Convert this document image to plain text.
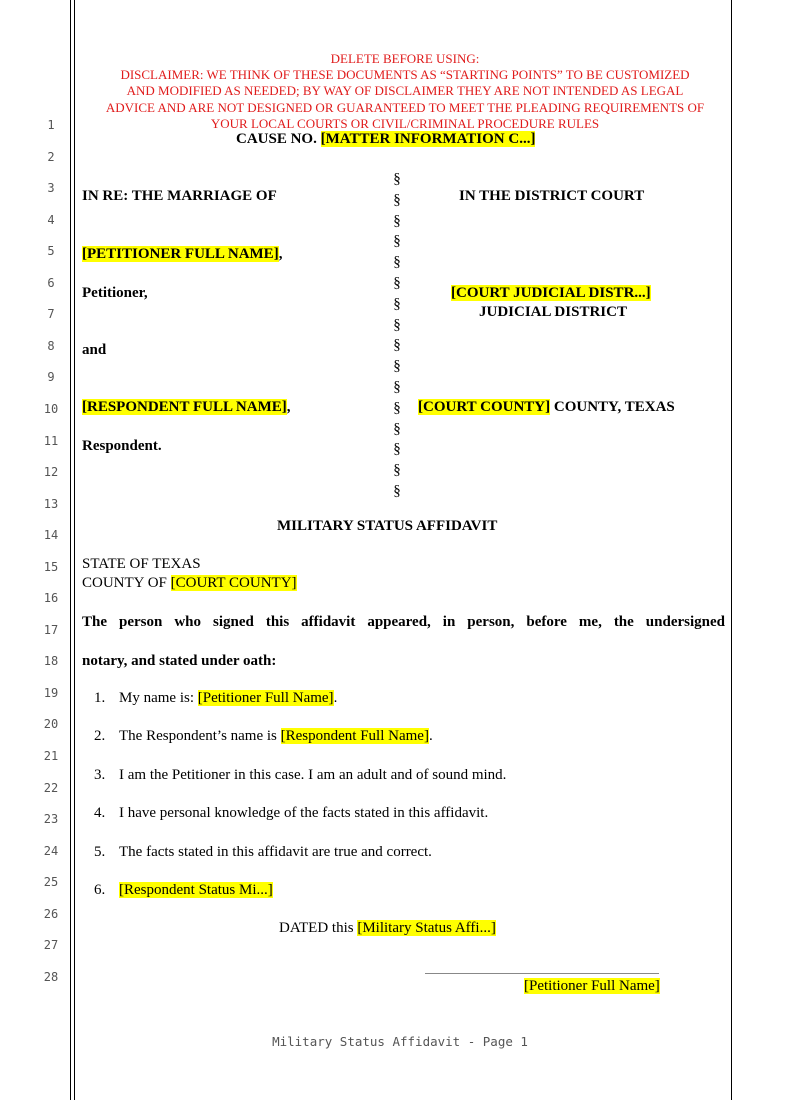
1
2
3
4
5
6
7
8
9
10
11
12
13
14
15
16
17
18
19
20
21
22
23
24
25
26
27
28
DELETE BEFORE USING:
DISCLAIMER: WE THINK OF THESE DOCUMENTS AS “STARTING POINTS” TO BE CUSTOMIZED
AND MODIFIED AS NEEDED; BY WAY OF DISCLAIMER THEY ARE NOT INTENDED AS LEGAL
ADVICE AND ARE NOT DESIGNED OR GUARANTEED TO MEET THE PLEADING REQUIREMENTS OF
YOUR LOCAL COURTS OR CIVIL/CRIMINAL PROCEDURE RULES
CAUSE NO. [MATTER INFORMATION C...]
IN RE: THE MARRIAGE OF
[PETITIONER FULL NAME],
Petitioner,
and
[RESPONDENT FULL NAME],
Respondent.
§
§
§
§
§
§
§
§
§
§
§
§
§
§
§
§
IN THE DISTRICT COURT
[COURT JUDICIAL DISTR...]
JUDICIAL DISTRICT
[COURT COUNTY] COUNTY, TEXAS
MILITARY STATUS AFFIDAVIT
STATE OF TEXAS
COUNTY OF [COURT COUNTY]
The person who signed this affidavit appeared, in person, before me, the undersigned
notary, and stated under oath:
1. My name is: [Petitioner Full Name].
2. The Respondent’s name is [Respondent Full Name].
3. I am the Petitioner in this case. I am an adult and of sound mind.
4. I have personal knowledge of the facts stated in this affidavit.
5. The facts stated in this affidavit are true and correct.
6. [Respondent Status Mi...]
DATED this [Military Status Affi...]
[Petitioner Full Name]
Military Status Affidavit - Page 1
